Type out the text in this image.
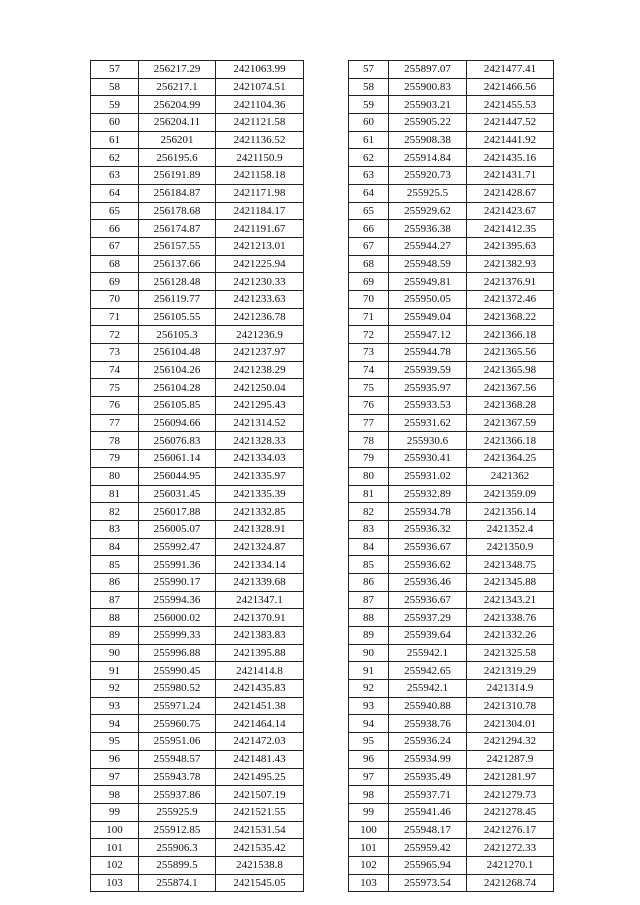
57	256217.29	2421063.99
58	256217.1	2421074.51
59	256204.99	2421104.36
60	256204.11	2421121.58
61	256201	2421136.52
62	256195.6	2421150.9
63	256191.89	2421158.18
64	256184.87	2421171.98
65	256178.68	2421184.17
66	256174.87	2421191.67
67	256157.55	2421213.01
68	256137.66	2421225.94
69	256128.48	2421230.33
70	256119.77	2421233.63
71	256105.55	2421236.78
72	256105.3	2421236.9
73	256104.48	2421237.97
74	256104.26	2421238.29
75	256104.28	2421250.04
76	256105.85	2421295.43
77	256094.66	2421314.52
78	256076.83	2421328.33
79	256061.14	2421334.03
80	256044.95	2421335.97
81	256031.45	2421335.39
82	256017.88	2421332.85
83	256005.07	2421328.91
84	255992.47	2421324.87
85	255991.36	2421334.14
86	255990.17	2421339.68
87	255994.36	2421347.1
88	256000.02	2421370.91
89	255999.33	2421383.83
90	255996.88	2421395.88
91	255990.45	2421414.8
92	255980.52	2421435.83
93	255971.24	2421451.38
94	255960.75	2421464.14
95	255951.06	2421472.03
96	255948.57	2421481.43
97	255943.78	2421495.25
98	255937.86	2421507.19
99	255925.9	2421521.55
100	255912.85	2421531.54
101	255906.3	2421535.42
102	255899.5	2421538.8
103	255874.1	2421545.05
57	255897.07	2421477.41
58	255900.83	2421466.56
59	255903.21	2421455.53
60	255905.22	2421447.52
61	255908.38	2421441.92
62	255914.84	2421435.16
63	255920.73	2421431.71
64	255925.5	2421428.67
65	255929.62	2421423.67
66	255936.38	2421412.35
67	255944.27	2421395.63
68	255948.59	2421382.93
69	255949.81	2421376.91
70	255950.05	2421372.46
71	255949.04	2421368.22
72	255947.12	2421366.18
73	255944.78	2421365.56
74	255939.59	2421365.98
75	255935.97	2421367.56
76	255933.53	2421368.28
77	255931.62	2421367.59
78	255930.6	2421366.18
79	255930.41	2421364.25
80	255931.02	2421362
81	255932.89	2421359.09
82	255934.78	2421356.14
83	255936.32	2421352.4
84	255936.67	2421350.9
85	255936.62	2421348.75
86	255936.46	2421345.88
87	255936.67	2421343.21
88	255937.29	2421338.76
89	255939.64	2421332.26
90	255942.1	2421325.58
91	255942.65	2421319.29
92	255942.1	2421314.9
93	255940.88	2421310.78
94	255938.76	2421304.01
95	255936.24	2421294.32
96	255934.99	2421287.9
97	255935.49	2421281.97
98	255937.71	2421279.73
99	255941.46	2421278.45
100	255948.17	2421276.17
101	255959.42	2421272.33
102	255965.94	2421270.1
103	255973.54	2421268.74
